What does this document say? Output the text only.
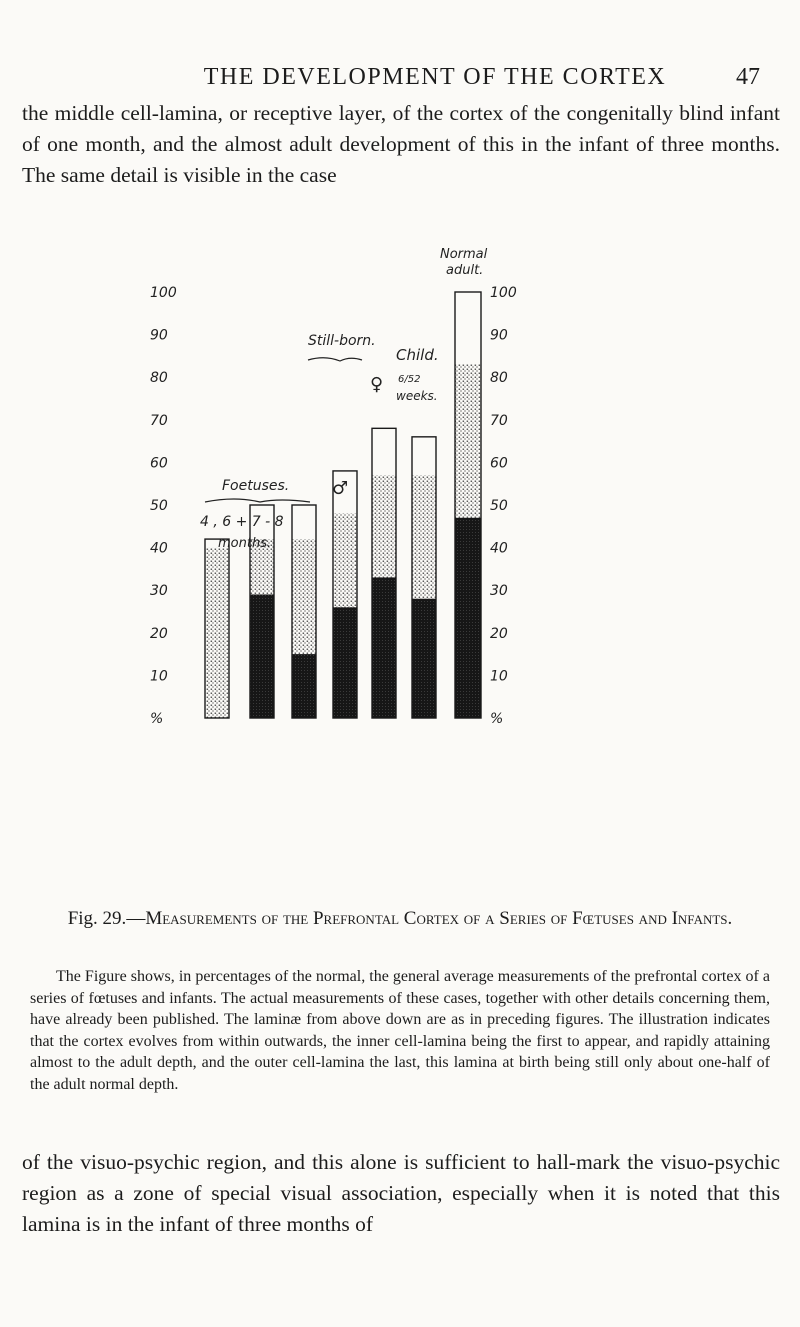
THE DEVELOPMENT OF THE CORTEX	47
the middle cell-lamina, or receptive layer, of the cortex of the congenitally blind infant of one month, and the almost adult development of this in the infant of three months. The same detail is visible in the case
100
90
80
70
60
50
40
30
20
10
%
100
90
80
70
60
50
40
30
20
10
%
Foetuses.
4 , 6 + 7 - 8
months.
Still-born.
♂
♀
Child.
6/52
weeks.
Normal
adult.
Fig. 29.—Measurements of the Prefrontal Cortex of a Series of Fœtuses and Infants.
The Figure shows, in percentages of the normal, the general average measurements of the prefrontal cortex of a series of fœtuses and infants. The actual measurements of these cases, together with other details concerning them, have already been published. The laminæ from above down are as in preceding figures. The illustration indicates that the cortex evolves from within outwards, the inner cell-lamina being the first to appear, and rapidly attaining almost to the adult depth, and the outer cell-lamina the last, this lamina at birth being still only about one-half of the adult normal depth.
of the visuo-psychic region, and this alone is sufficient to hall-mark the visuo-psychic region as a zone of special visual association, especially when it is noted that this lamina is in the infant of three months of
